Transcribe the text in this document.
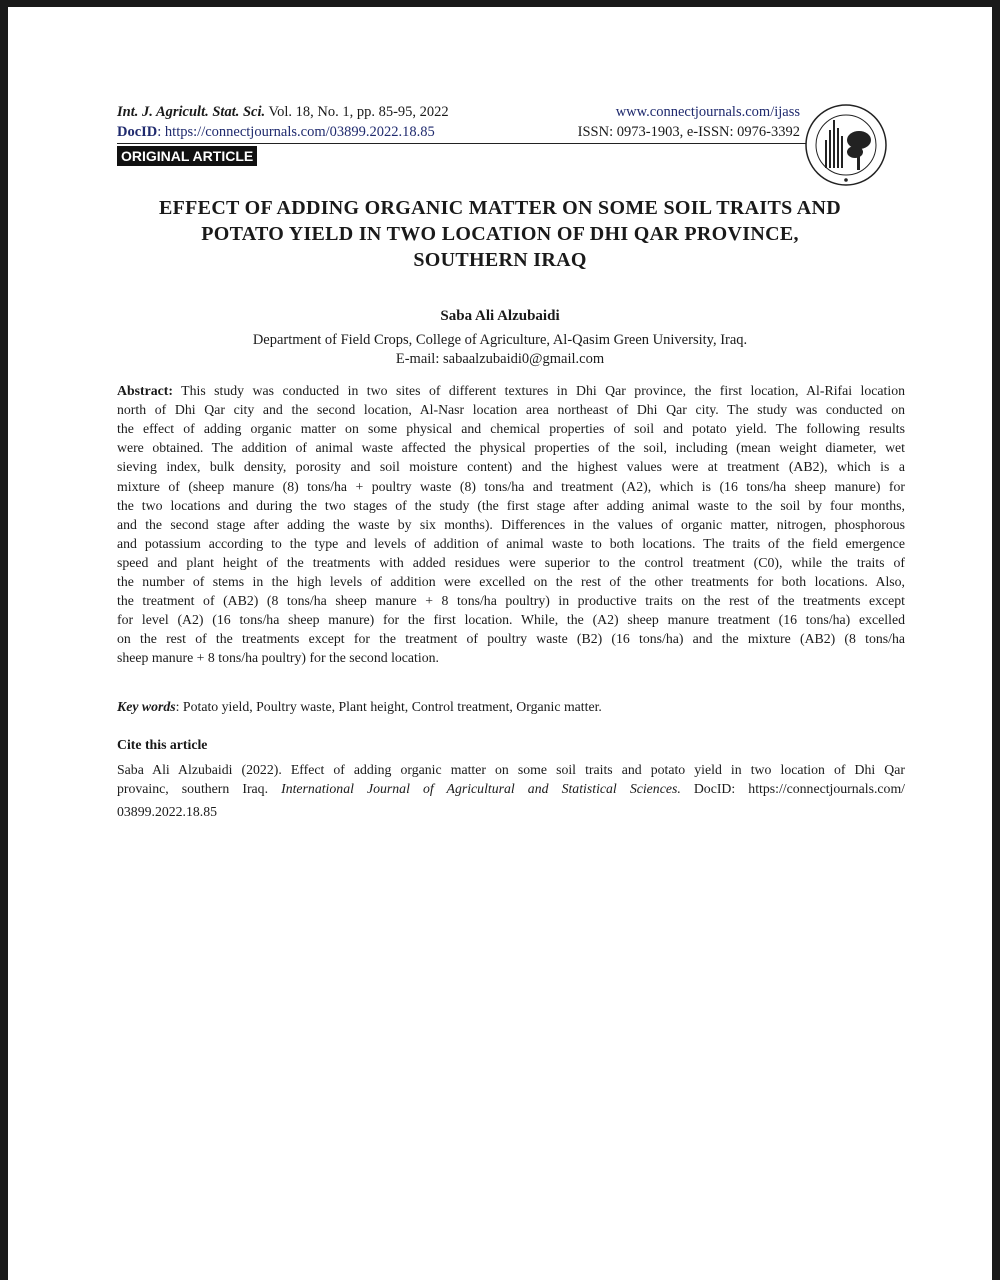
Int. J. Agricult. Stat. Sci. Vol. 18, No. 1, pp. 85-95, 2022
DocID: https://connectjournals.com/03899.2022.18.85
www.connectjournals.com/ijass
ISSN: 0973-1903, e-ISSN: 0976-3392
ORIGINAL ARTICLE
EFFECT OF ADDING ORGANIC MATTER ON SOME SOIL TRAITS AND
POTATO YIELD IN TWO LOCATION OF DHI QAR PROVINCE,
SOUTHERN IRAQ
Saba Ali Alzubaidi
Department of Field Crops, College of Agriculture, Al-Qasim Green University, Iraq.
E-mail: sabaalzubaidi0@gmail.com
Abstract: This study was conducted in two sites of different textures in Dhi Qar province, the first location, Al-Rifai location
north of Dhi Qar city and the second location, Al-Nasr location area northeast of Dhi Qar city. The study was conducted on
the effect of adding organic matter on some physical and chemical properties of soil and potato yield. The following results
were obtained. The addition of animal waste affected the physical properties of the soil, including (mean weight diameter, wet
sieving index, bulk density, porosity and soil moisture content) and the highest values were at treatment (AB2), which is a
mixture of (sheep manure (8) tons/ha + poultry waste (8) tons/ha and treatment (A2), which is (16 tons/ha sheep manure) for
the two locations and during the two stages of the study (the first stage after adding animal waste to the soil by four months,
and the second stage after adding the waste by six months). Differences in the values of organic matter, nitrogen, phosphorous
and potassium according to the type and levels of addition of animal waste to both locations. The traits of the field emergence
speed and plant height of the treatments with added residues were superior to the control treatment (C0), while the traits of
the number of stems in the high levels of addition were excelled on the rest of the other treatments for both locations. Also,
the treatment of (AB2) (8 tons/ha sheep manure + 8 tons/ha poultry) in productive traits on the rest of the treatments except
for level (A2) (16 tons/ha sheep manure) for the first location. While, the (A2) sheep manure treatment (16 tons/ha) excelled
on the rest of the treatments except for the treatment of poultry waste (B2) (16 tons/ha) and the mixture (AB2) (8 tons/ha
sheep manure + 8 tons/ha poultry) for the second location.
Key words: Potato yield, Poultry waste, Plant height, Control treatment, Organic matter.
Cite this article
Saba Ali Alzubaidi (2022). Effect of adding organic matter on some soil traits and potato yield in two location of Dhi Qar
provainc, southern Iraq. International Journal of Agricultural and Statistical Sciences. DocID: https://connectjournals.com/
03899.2022.18.85
